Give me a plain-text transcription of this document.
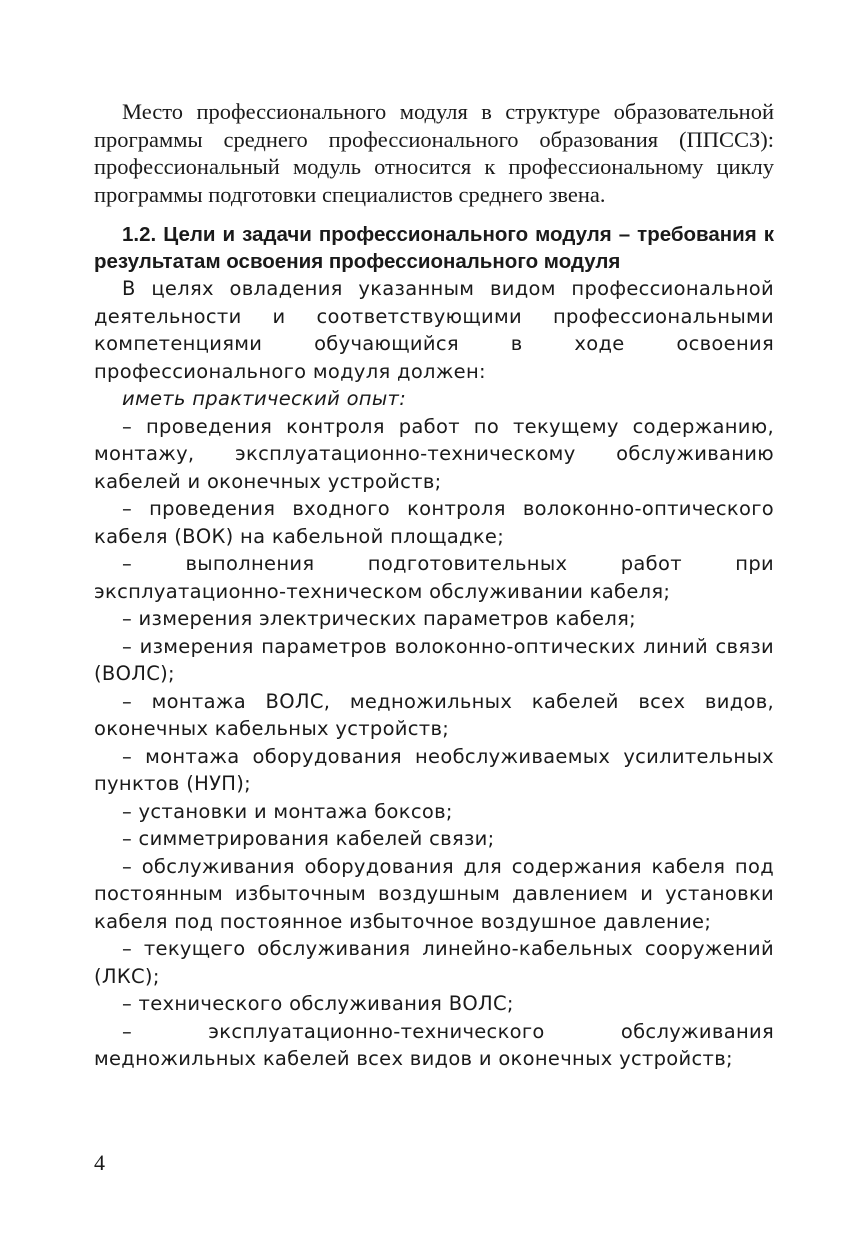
Место профессионального модуля в структуре образовательной программы среднего профессионального образования (ППССЗ): профессиональный модуль относится к профессиональному циклу программы подготовки специалистов среднего звена.

1.2. Цели и задачи профессионального модуля – требования к результатам освоения профессионального модуля

В целях овладения указанным видом профессиональной деятельности и соответствующими профессиональными компетенциями обучающийся в ходе освоения профессионального модуля должен:

иметь практический опыт:

– проведения контроля работ по текущему содержанию, монтажу, эксплуатационно-техническому обслуживанию кабелей и оконечных устройств;

– проведения входного контроля волоконно-оптического кабеля (ВОК) на кабельной площадке;

– выполнения подготовительных работ при эксплуатационно-техническом обслуживании кабеля;

– измерения электрических параметров кабеля;

– измерения параметров волоконно-оптических линий связи (ВОЛС);

– монтажа ВОЛС, медножильных кабелей всех видов, оконечных кабельных устройств;

– монтажа оборудования необслуживаемых усилительных пунктов (НУП);

– установки и монтажа боксов;

– симметрирования кабелей связи;

– обслуживания оборудования для содержания кабеля под постоянным избыточным воздушным давлением и установки кабеля под постоянное избыточное воздушное давление;

– текущего обслуживания линейно-кабельных сооружений (ЛКС);

– технического обслуживания ВОЛС;

– эксплуатационно-технического обслуживания медножильных кабелей всех видов и оконечных устройств;

4
